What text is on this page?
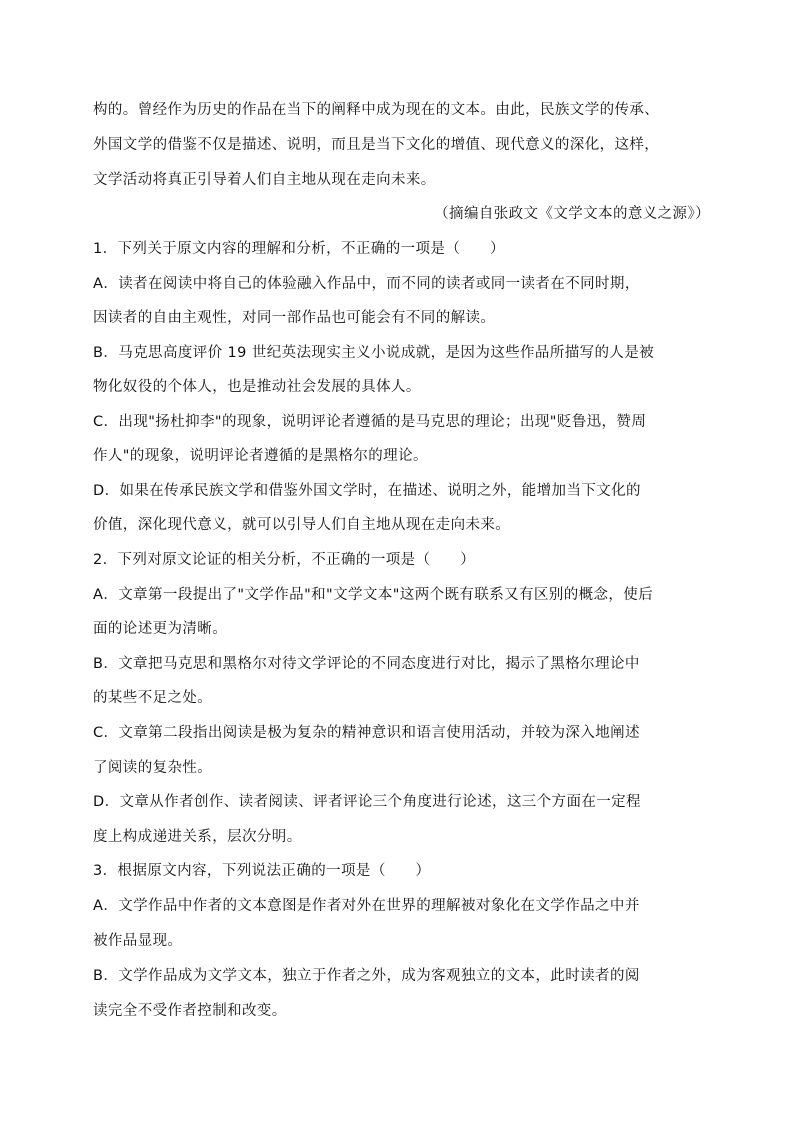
构的。曾经作为历史的作品在当下的阐释中成为现在的文本。由此，民族文学的传承、
外国文学的借鉴不仅是描述、说明，而且是当下文化的增值、现代意义的深化，这样，
文学活动将真正引导着人们自主地从现在走向未来。
（摘编自张政文《文学文本的意义之源》）
1．下列关于原文内容的理解和分析，不正确的一项是（　　）
A．读者在阅读中将自己的体验融入作品中，而不同的读者或同一读者在不同时期，
因读者的自由主观性，对同一部作品也可能会有不同的解读。
B．马克思高度评价 19 世纪英法现实主义小说成就，是因为这些作品所描写的人是被
物化奴役的个体人，也是推动社会发展的具体人。
C．出现"扬杜抑李"的现象，说明评论者遵循的是马克思的理论；出现"贬鲁迅，赞周
作人"的现象，说明评论者遵循的是黑格尔的理论。
D．如果在传承民族文学和借鉴外国文学时，在描述、说明之外，能增加当下文化的
价值，深化现代意义，就可以引导人们自主地从现在走向未来。
2．下列对原文论证的相关分析，不正确的一项是（　　）
A．文章第一段提出了"文学作品"和"文学文本"这两个既有联系又有区别的概念，使后
面的论述更为清晰。
B．文章把马克思和黑格尔对待文学评论的不同态度进行对比，揭示了黑格尔理论中
的某些不足之处。
C．文章第二段指出阅读是极为复杂的精神意识和语言使用活动，并较为深入地阐述
了阅读的复杂性。
D．文章从作者创作、读者阅读、评者评论三个角度进行论述，这三个方面在一定程
度上构成递进关系，层次分明。
3．根据原文内容，下列说法正确的一项是（　　）
A．文学作品中作者的文本意图是作者对外在世界的理解被对象化在文学作品之中并
被作品显现。
B．文学作品成为文学文本，独立于作者之外，成为客观独立的文本，此时读者的阅
读完全不受作者控制和改变。
